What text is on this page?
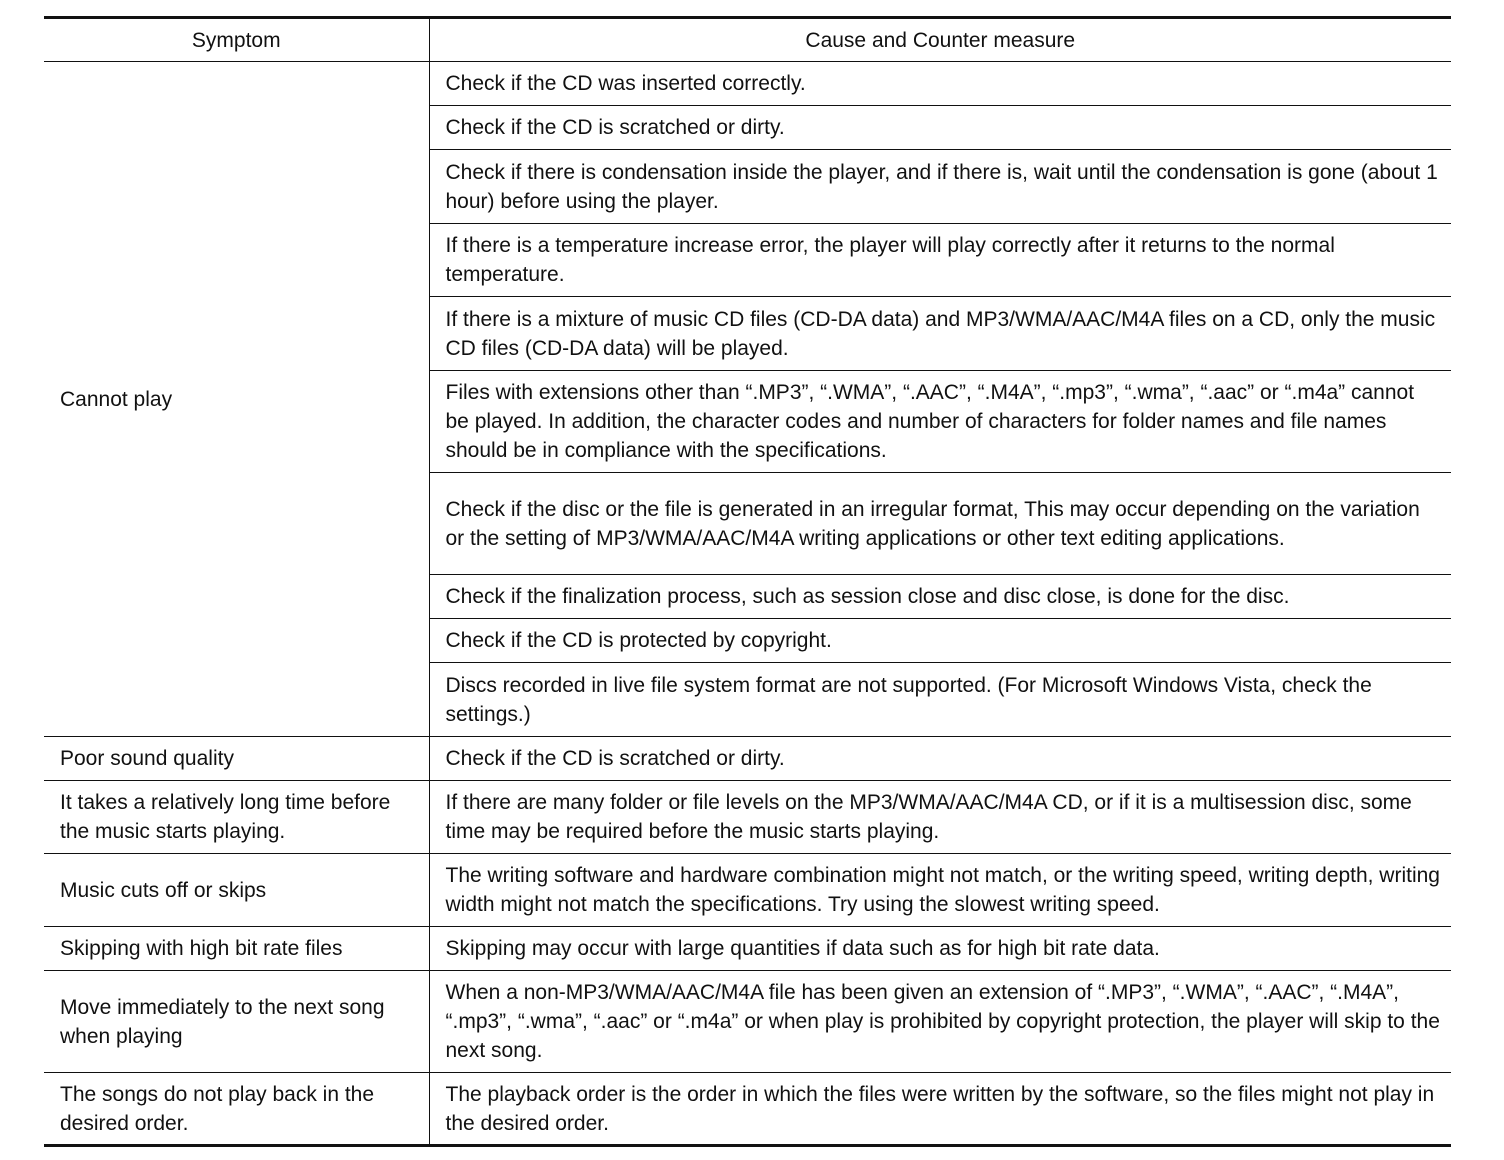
Symptom	Cause and Counter measure
Cannot play	Check if the CD was inserted correctly.
	Check if the CD is scratched or dirty.
	Check if there is condensation inside the player, and if there is, wait until the condensation is gone (about 1 hour) before using the player.
	If there is a temperature increase error, the player will play correctly after it returns to the normal temperature.
	If there is a mixture of music CD files (CD-DA data) and MP3/WMA/AAC/M4A files on a CD, only the music CD files (CD-DA data) will be played.
	Files with extensions other than “.MP3”, “.WMA”, “.AAC”, “.M4A”, “.mp3”, “.wma”, “.aac” or “.m4a” cannot be played. In addition, the character codes and number of characters for folder names and file names should be in compliance with the specifications.
	Check if the disc or the file is generated in an irregular format, This may occur depending on the variation or the setting of MP3/WMA/AAC/M4A writing applications or other text editing applications.
	Check if the finalization process, such as session close and disc close, is done for the disc.
	Check if the CD is protected by copyright.
	Discs recorded in live file system format are not supported. (For Microsoft Windows Vista, check the settings.)
Poor sound quality	Check if the CD is scratched or dirty.
It takes a relatively long time before the music starts playing.	If there are many folder or file levels on the MP3/WMA/AAC/M4A CD, or if it is a multisession disc, some time may be required before the music starts playing.
Music cuts off or skips	The writing software and hardware combination might not match, or the writing speed, writing depth, writing width might not match the specifications. Try using the slowest writing speed.
Skipping with high bit rate files	Skipping may occur with large quantities if data such as for high bit rate data.
Move immediately to the next song when playing	When a non-MP3/WMA/AAC/M4A file has been given an extension of “.MP3”, “.WMA”, “.AAC”, “.M4A”, “.mp3”, “.wma”, “.aac” or “.m4a” or when play is prohibited by copyright protection, the player will skip to the next song.
The songs do not play back in the desired order.	The playback order is the order in which the files were written by the software, so the files might not play in the desired order.
